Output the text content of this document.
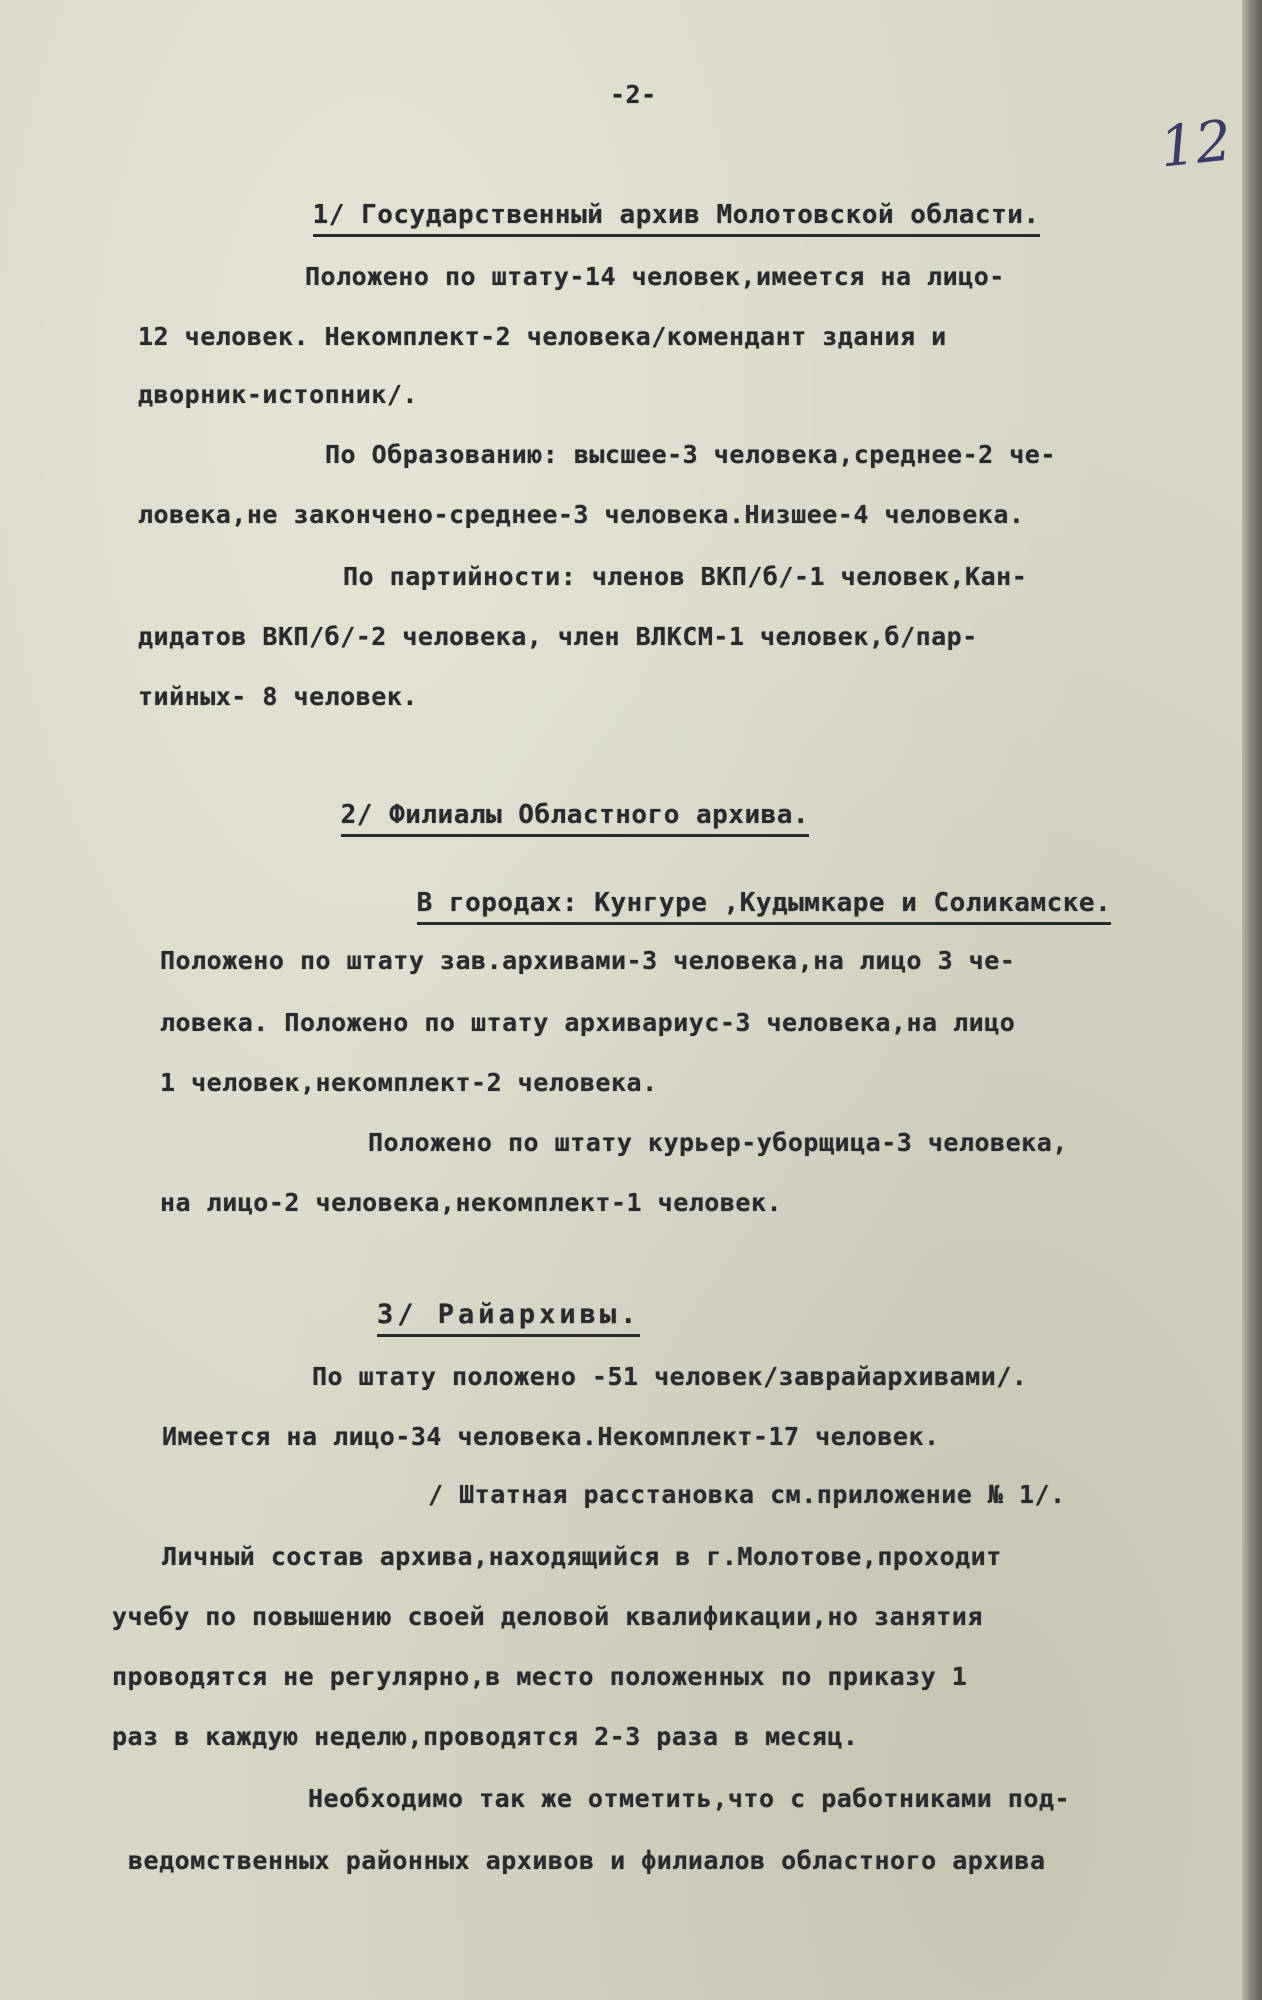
-2-
12

1/ Государственный архив Молотовской области.

Положено по штату-14 человек,имеется на лицо-
12 человек. Некомплект-2 человека/комендант здания и
дворник-истопник/.
По Образованию: высшее-3 человека,среднее-2 че-
ловека,не закончено-среднее-3 человека.Низшее-4 человека.
По партийности: членов ВКП/б/-1 человек,Кан-
дидатов ВКП/б/-2 человека, член ВЛКСМ-1 человек,б/пар-
тийных- 8 человек.

2/ Филиалы Областного архива.

В городах: Кунгуре ,Кудымкаре и Соликамске.

Положено по штату зав.архивами-3 человека,на лицо 3 че-
ловека. Положено по штату архивариус-3 человека,на лицо
1 человек,некомплект-2 человека.
Положено по штату курьер-уборщица-3 человека,
на лицо-2 человека,некомплект-1 человек.

3/ Райархивы.

По штату положено -51 человек/заврайархивами/.
Имеется на лицо-34 человека.Некомплект-17 человек.
/ Штатная расстановка см.приложение № 1/.
Личный состав архива,находящийся в г.Молотове,проходит
учебу по повышению своей деловой квалификации,но занятия
проводятся не регулярно,в место положенных по приказу 1
раз в каждую неделю,проводятся 2-3 раза в месяц.
Необходимо так же отметить,что с работниками под-
ведомственных районных архивов и филиалов областного архива
